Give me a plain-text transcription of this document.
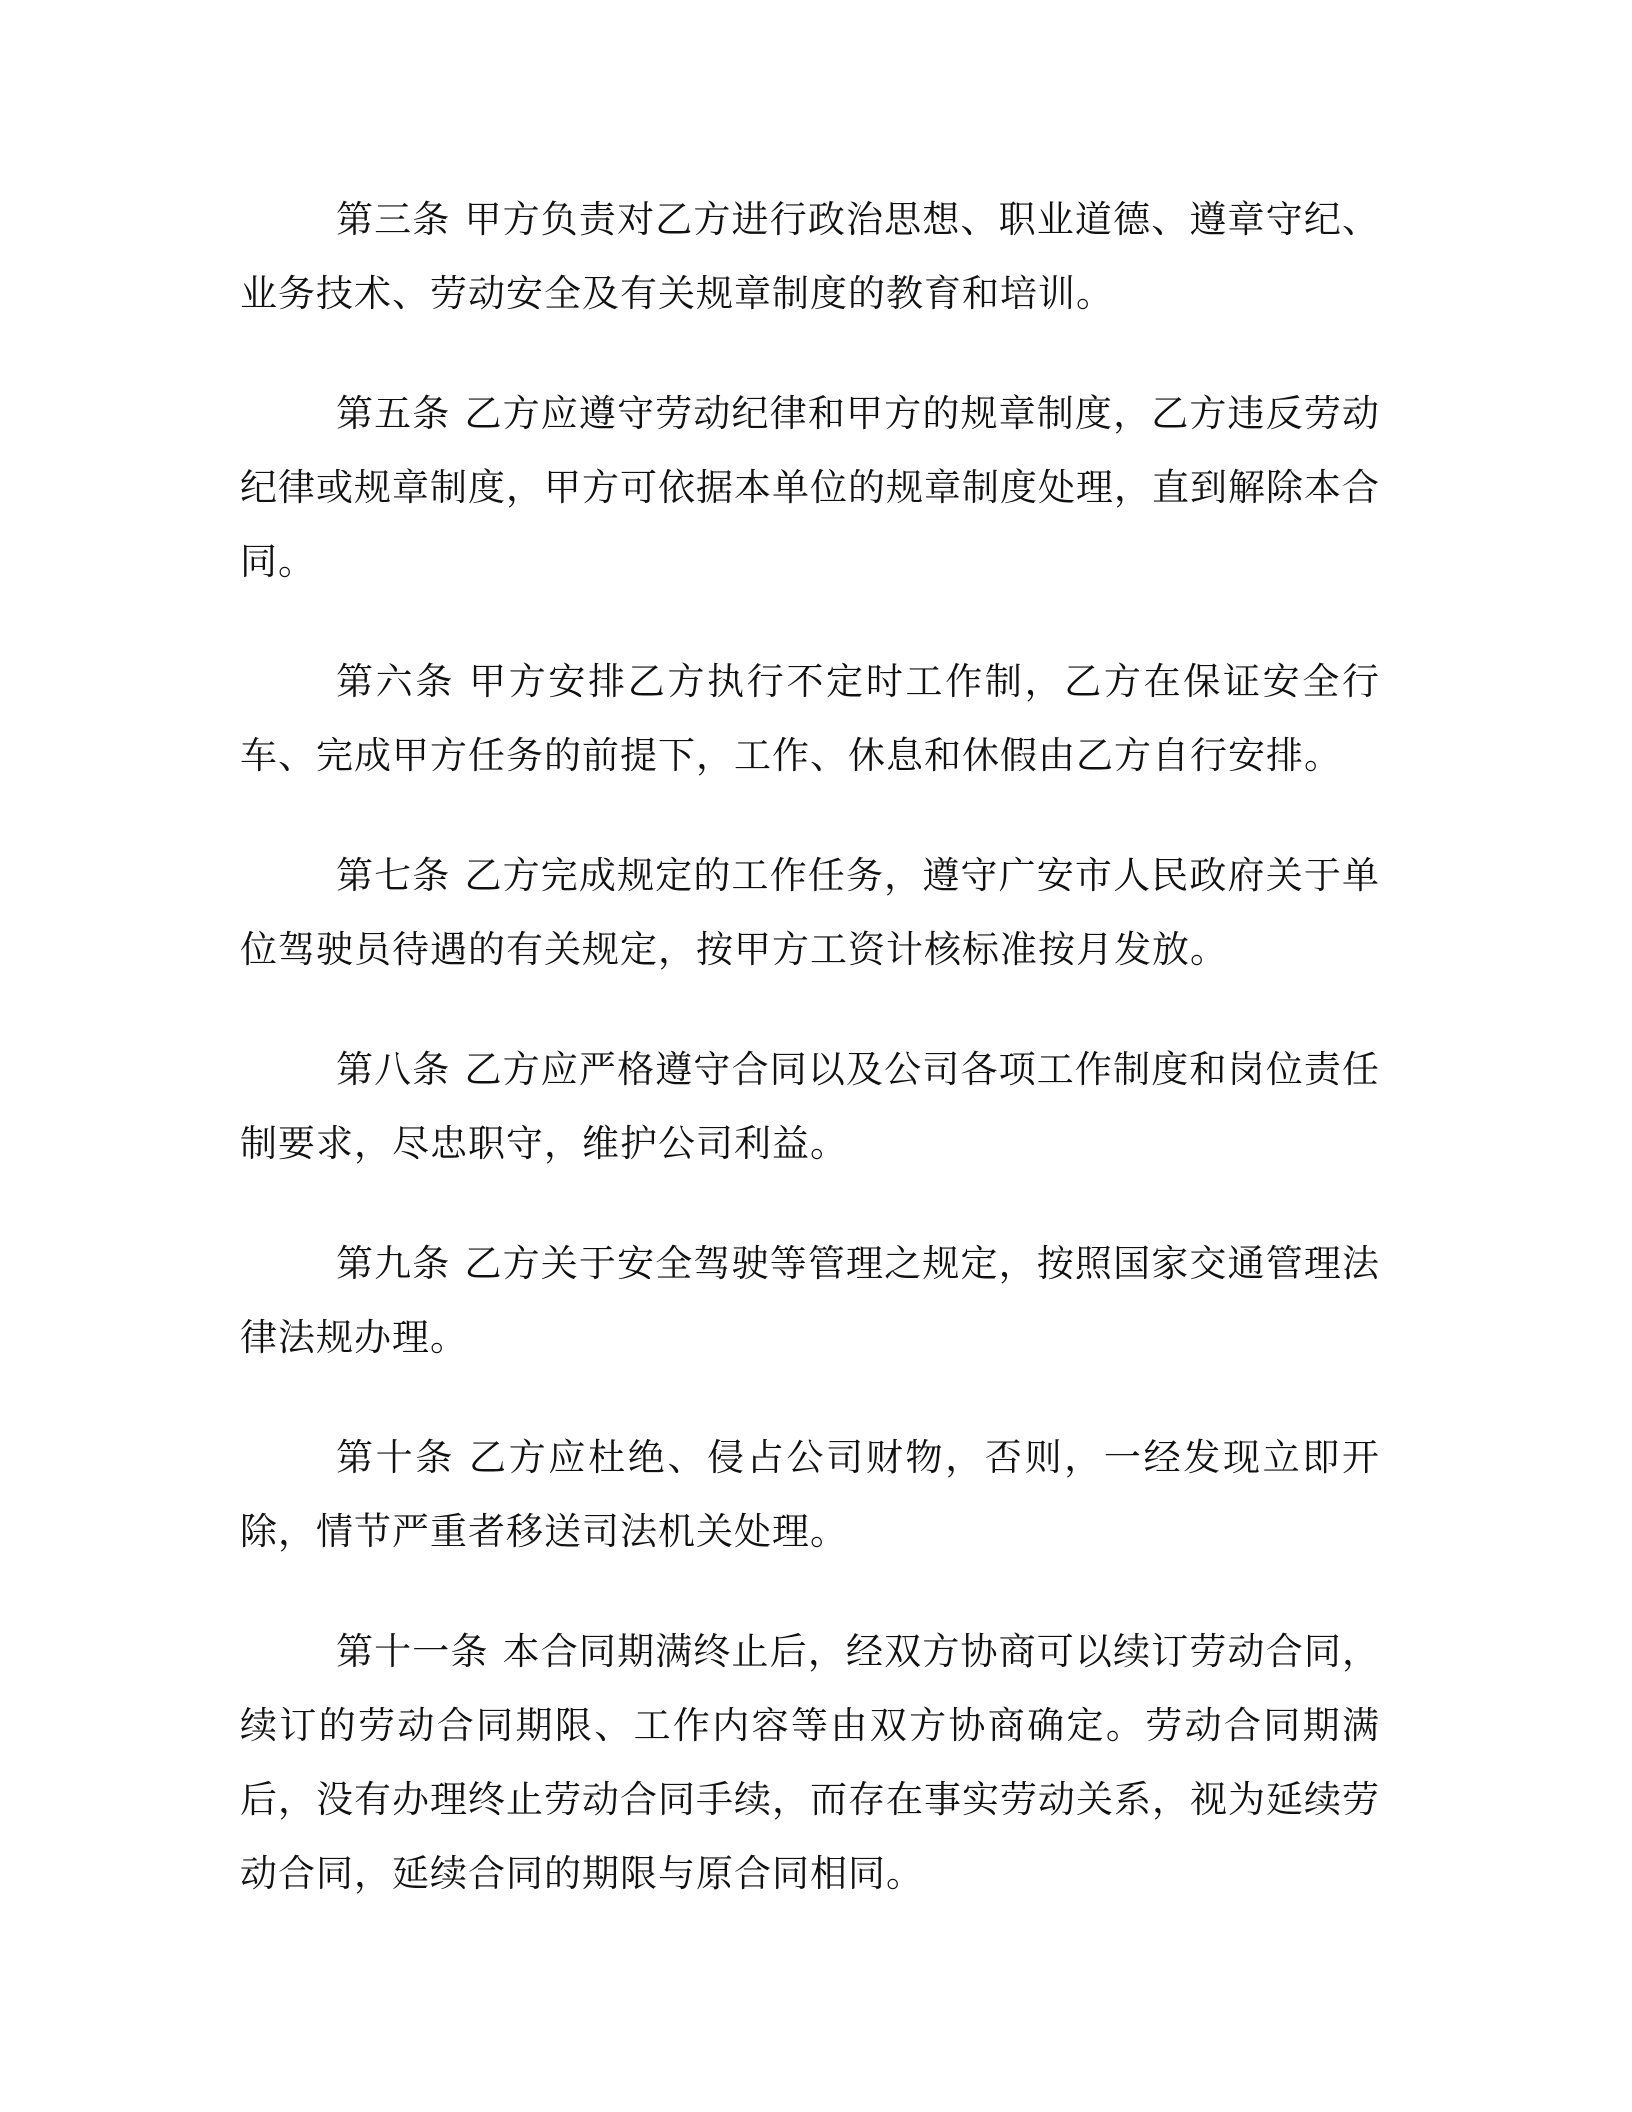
第三条 甲方负责对乙方进行政治思想、职业道德、遵章守纪、业务技术、劳动安全及有关规章制度的教育和培训。

第五条 乙方应遵守劳动纪律和甲方的规章制度，乙方违反劳动纪律或规章制度，甲方可依据本单位的规章制度处理，直到解除本合同。

第六条 甲方安排乙方执行不定时工作制，乙方在保证安全行车、完成甲方任务的前提下，工作、休息和休假由乙方自行安排。

第七条 乙方完成规定的工作任务，遵守广安市人民政府关于单位驾驶员待遇的有关规定，按甲方工资计核标准按月发放。

第八条 乙方应严格遵守合同以及公司各项工作制度和岗位责任制要求，尽忠职守，维护公司利益。

第九条 乙方关于安全驾驶等管理之规定，按照国家交通管理法律法规办理。

第十条 乙方应杜绝、侵占公司财物，否则，一经发现立即开除，情节严重者移送司法机关处理。

第十一条 本合同期满终止后，经双方协商可以续订劳动合同，续订的劳动合同期限、工作内容等由双方协商确定。劳动合同期满后，没有办理终止劳动合同手续，而存在事实劳动关系，视为延续劳动合同，延续合同的期限与原合同相同。
